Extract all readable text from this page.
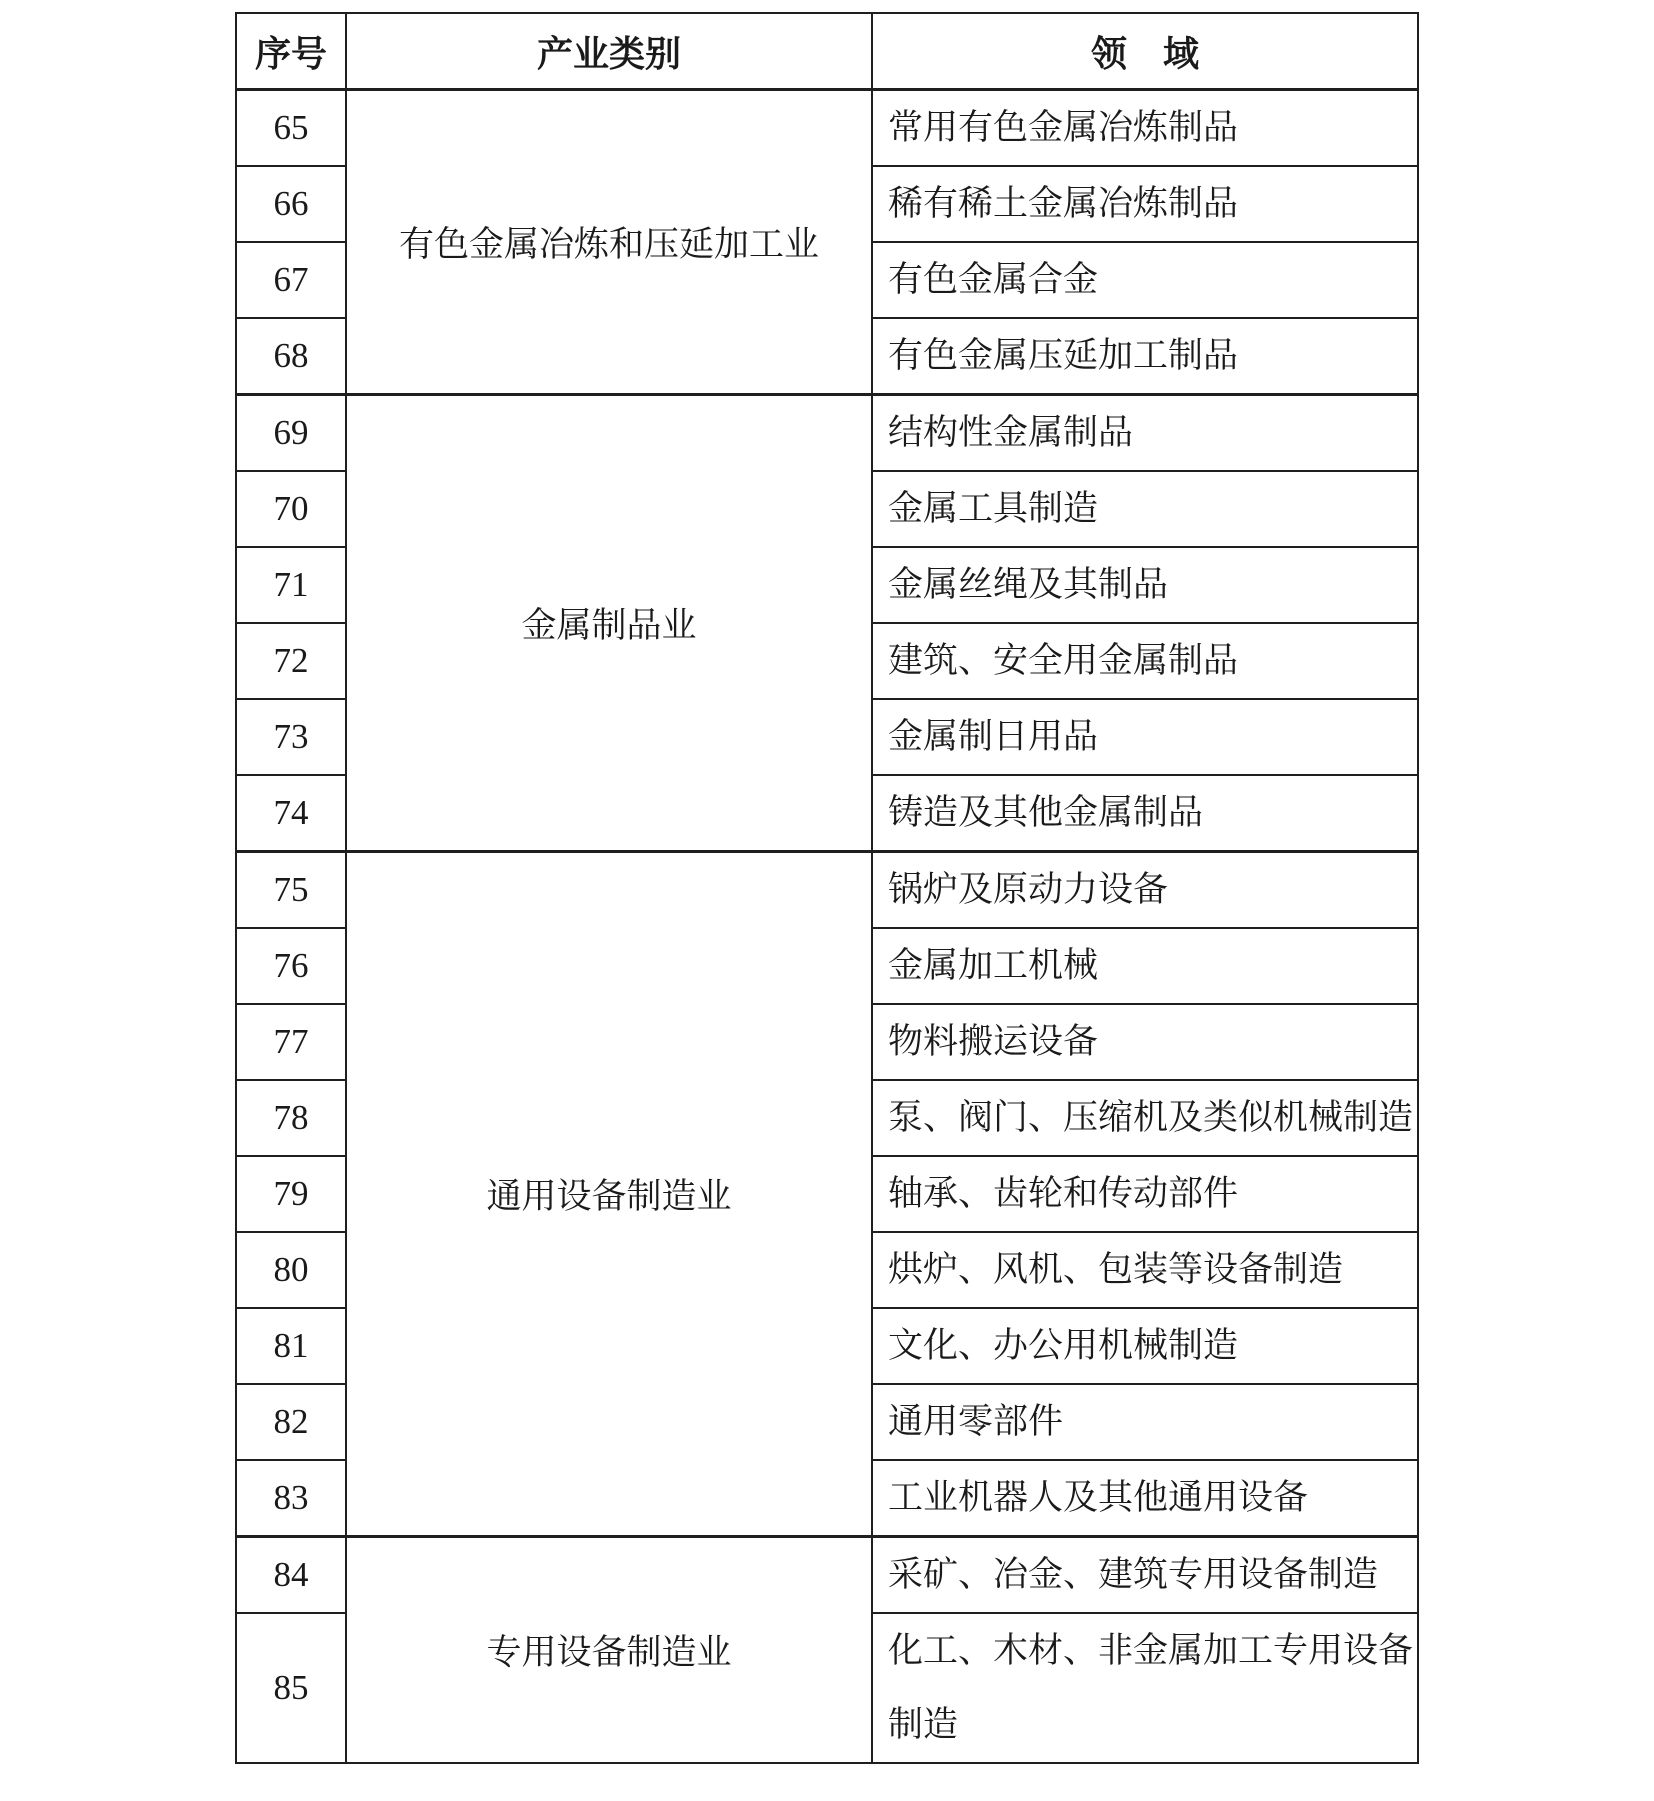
序号	产业类别	领　域
65	有色金属冶炼和压延加工业	常用有色金属冶炼制品
66		稀有稀土金属冶炼制品
67		有色金属合金
68		有色金属压延加工制品
69	金属制品业	结构性金属制品
70		金属工具制造
71		金属丝绳及其制品
72		建筑、安全用金属制品
73		金属制日用品
74		铸造及其他金属制品
75	通用设备制造业	锅炉及原动力设备
76		金属加工机械
77		物料搬运设备
78		泵、阀门、压缩机及类似机械制造
79		轴承、齿轮和传动部件
80		烘炉、风机、包装等设备制造
81		文化、办公用机械制造
82		通用零部件
83		工业机器人及其他通用设备
84	专用设备制造业	采矿、冶金、建筑专用设备制造
85		化工、木材、非金属加工专用设备制造
